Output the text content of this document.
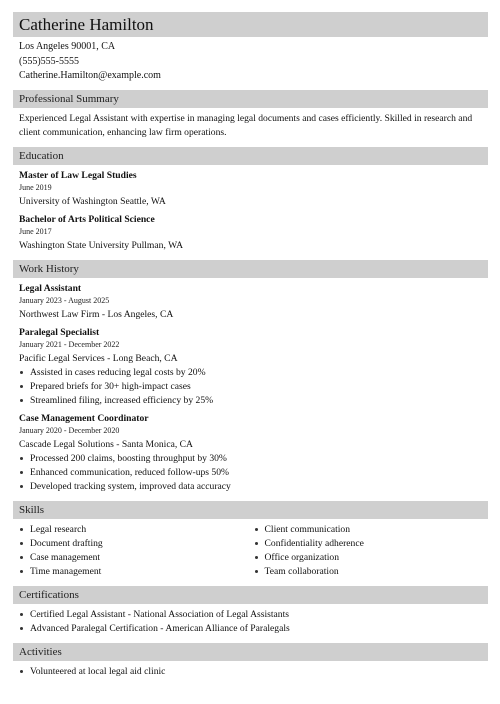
Catherine Hamilton
Los Angeles 90001, CA
(555)555-5555
Catherine.Hamilton@example.com
Professional Summary
Experienced Legal Assistant with expertise in managing legal documents and cases efficiently. Skilled in research and client communication, enhancing law firm operations.
Education
Master of Law Legal Studies
June 2019
University of Washington Seattle, WA
Bachelor of Arts Political Science
June 2017
Washington State University Pullman, WA
Work History
Legal Assistant
January 2023 - August 2025
Northwest Law Firm - Los Angeles, CA
Paralegal Specialist
January 2021 - December 2022
Pacific Legal Services - Long Beach, CA
Assisted in cases reducing legal costs by 20%
Prepared briefs for 30+ high-impact cases
Streamlined filing, increased efficiency by 25%
Case Management Coordinator
January 2020 - December 2020
Cascade Legal Solutions - Santa Monica, CA
Processed 200 claims, boosting throughput by 30%
Enhanced communication, reduced follow-ups 50%
Developed tracking system, improved data accuracy
Skills
Legal research
Document drafting
Case management
Time management
Client communication
Confidentiality adherence
Office organization
Team collaboration
Certifications
Certified Legal Assistant - National Association of Legal Assistants
Advanced Paralegal Certification - American Alliance of Paralegals
Activities
Volunteered at local legal aid clinic
